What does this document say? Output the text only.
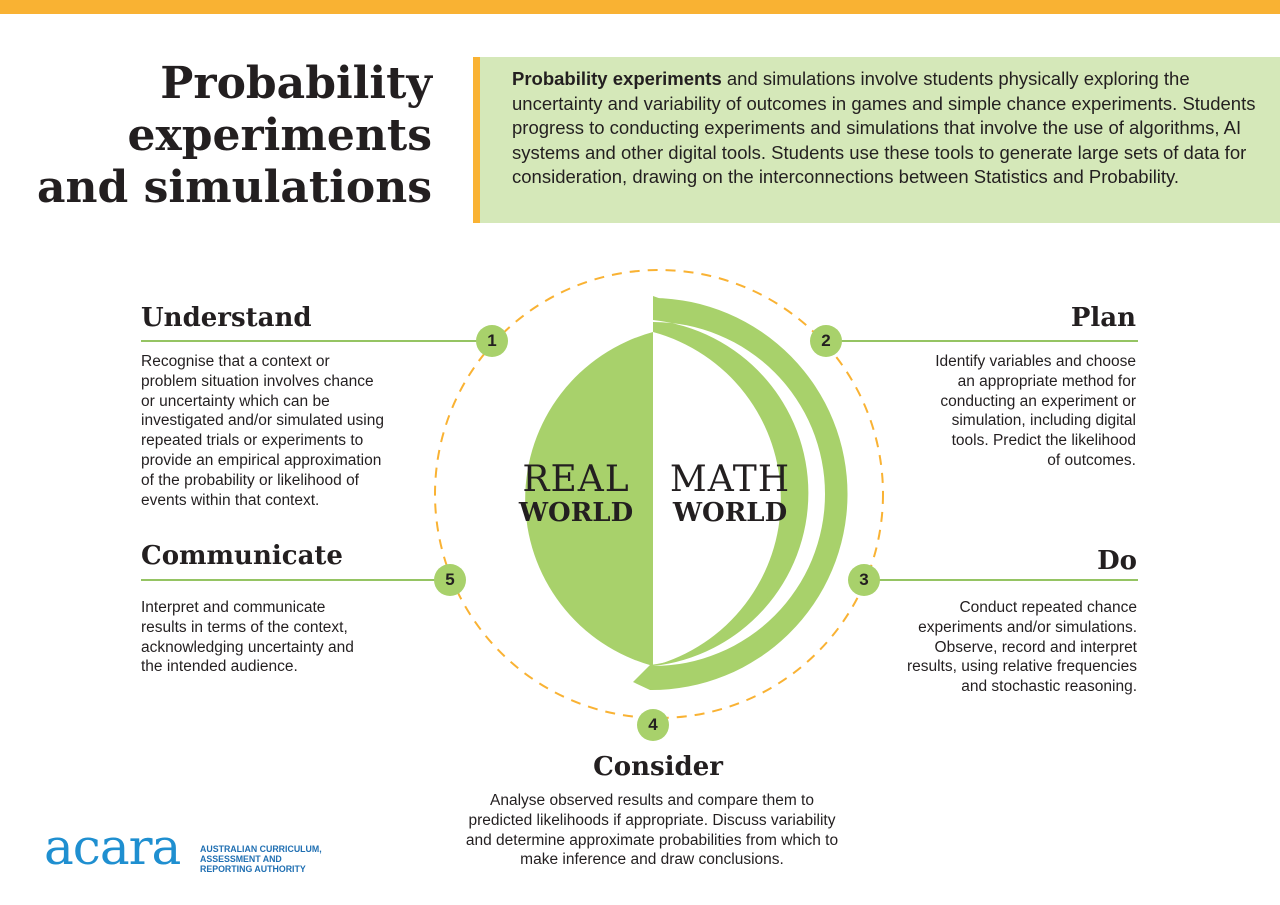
Probability
experiments
and simulations
Probability experiments and simulations involve students physically exploring the uncertainty and variability of outcomes in games and simple chance experiments. Students progress to conducting experiments and simulations that involve the use of algorithms, AI systems and other digital tools. Students use these tools to generate large sets of data for consideration, drawing on the interconnections between Statistics and Probability.
REAL
WORLD
MATH
WORLD
Understand
1
Recognise that a context or
problem situation involves chance
or uncertainty which can be
investigated and/or simulated using
repeated trials or experiments to
provide an empirical approximation
of the probability or likelihood of
events within that context.
Plan
2
Identify variables and choose
an appropriate method for
conducting an experiment or
simulation, including digital
tools. Predict the likelihood
of outcomes.
Do
3
Conduct repeated chance
experiments and/or simulations.
Observe, record and interpret
results, using relative frequencies
and stochastic reasoning.
4
Consider
Analyse observed results and compare them to
predicted likelihoods if appropriate. Discuss variability
and determine approximate probabilities from which to
make inference and draw conclusions.
Communicate
5
Interpret and communicate
results in terms of the context,
acknowledging uncertainty and
the intended audience.
acara AUSTRALIAN CURRICULUM,
ASSESSMENT AND
REPORTING AUTHORITY
